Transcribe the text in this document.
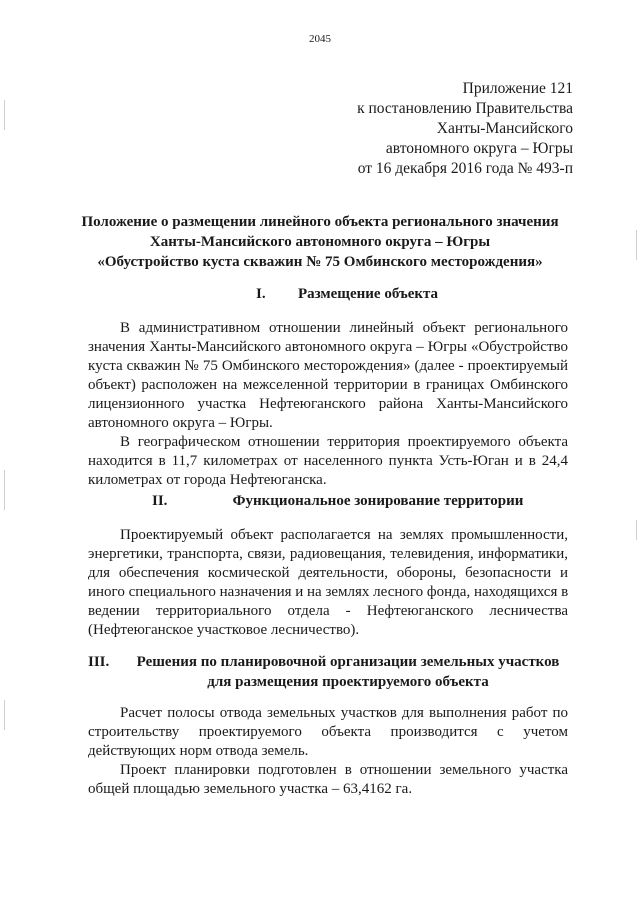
2045
Приложение 121
к постановлению Правительства
Ханты-Мансийского
автономного округа – Югры
от 16 декабря 2016 года № 493-п
Положение о размещении линейного объекта регионального значения
Ханты-Мансийского автономного округа – Югры
«Обустройство куста скважин № 75 Омбинского месторождения»
I.	Размещение объекта
В административном отношении линейный объект регионального
значения Ханты-Мансийского автономного округа – Югры «Обустройство
куста скважин № 75 Омбинского месторождения» (далее - проектируемый
объект) расположен на межселенной территории в границах Омбинского
лицензионного участка Нефтеюганского района Ханты-Мансийского
автономного округа – Югры.
В географическом отношении территория проектируемого объекта
находится в 11,7 километрах от населенного пункта Усть-Юган и в 24,4
километрах от города Нефтеюганска.
II.	Функциональное зонирование территории
Проектируемый объект располагается на землях промышленности,
энергетики, транспорта, связи, радиовещания, телевидения, информатики,
для обеспечения космической деятельности, обороны, безопасности и
иного специального назначения и на землях лесного фонда, находящихся в
ведении территориального отдела - Нефтеюганского лесничества
(Нефтеюганское участковое лесничество).
III.	Решения по планировочной организации земельных участков
для размещения проектируемого объекта
Расчет полосы отвода земельных участков для выполнения работ по
строительству проектируемого объекта производится с учетом
действующих норм отвода земель.
Проект планировки подготовлен в отношении земельного участка
общей площадью земельного участка – 63,4162 га.
